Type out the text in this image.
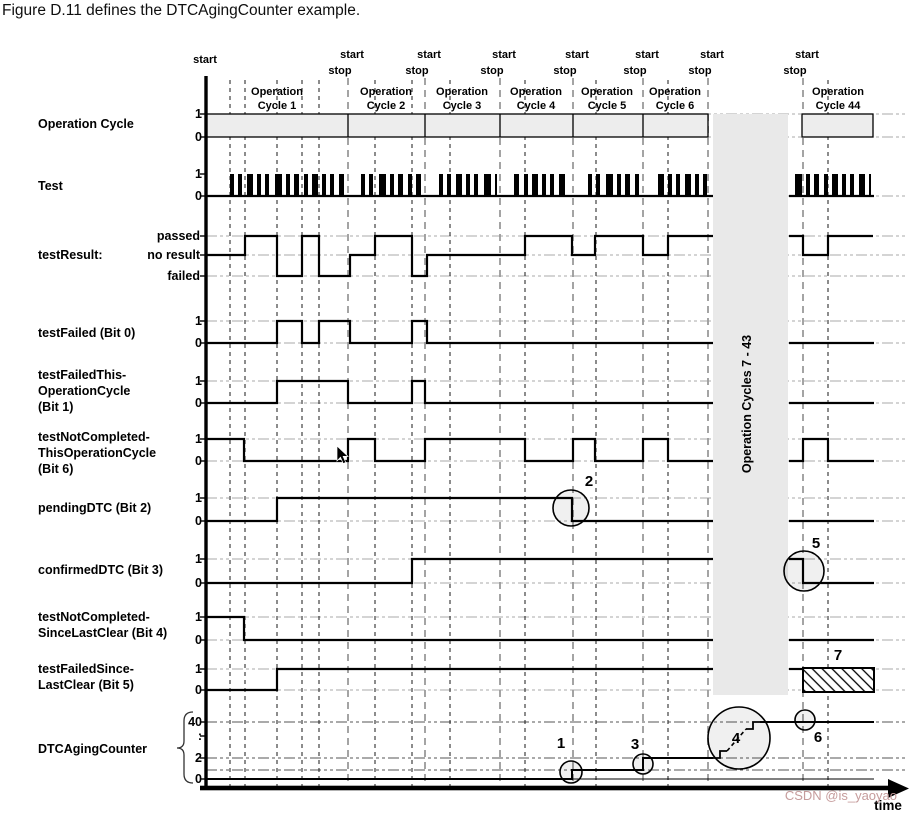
Figure D.11 defines the DTCAgingCounter example.
Operation Cycles 7 - 43
Operation Cycle
1
0
Test
1
0
testResult:
passed
no result
failed
testFailed (Bit 0)
1
0
testFailedThis-
OperationCycle
(Bit 1)
1
0
testNotCompleted-
ThisOperationCycle
(Bit 6)
1
0
pendingDTC (Bit 2)
1
0
confirmedDTC (Bit 3)
1
0
testNotCompleted-
SinceLastClear (Bit 4)
1
0
testFailedSince-
LastClear (Bit 5)
1
0
DTCAgingCounter
40
:
2
0
start	start
stop
start
stop
start
stop
start
stop
start
stop
start
stop
start
stop
Operation
Cycle 1
Operation
Cycle 2
Operation
Cycle 3
Operation
Cycle 4
Operation
Cycle 5
Operation
Cycle 6
Operation
Cycle 44
time
1
2
3	4
5
6
7
CSDN @is_yaoyao
